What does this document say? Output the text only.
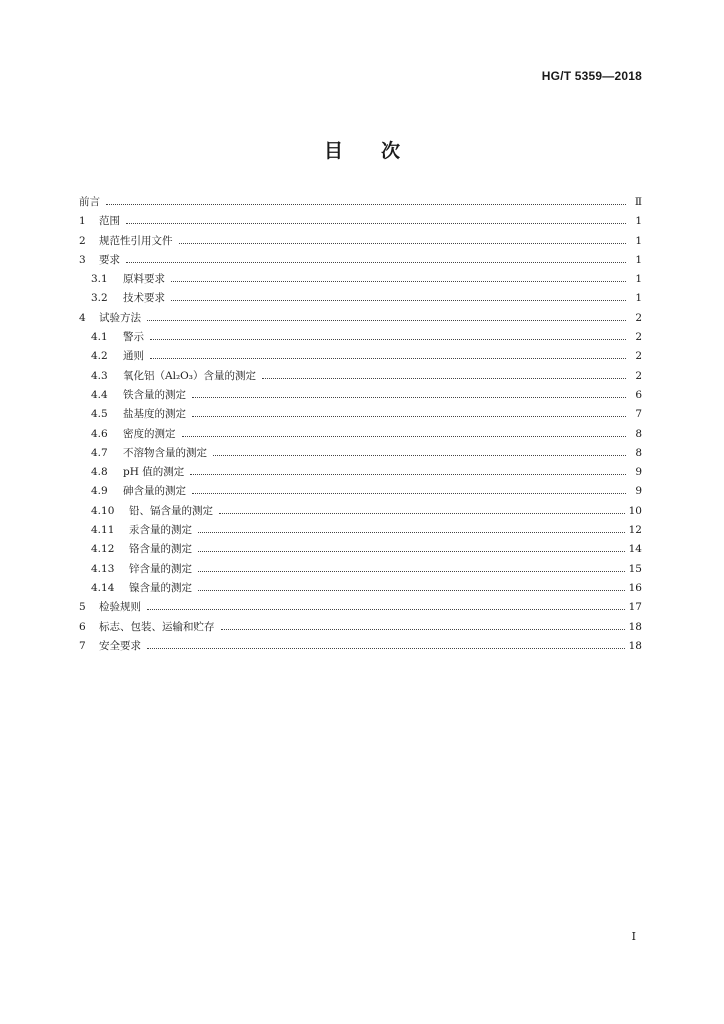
HG/T 5359—2018
目 次
前言	Ⅱ
1	范围	1
2	规范性引用文件	1
3	要求	1
3.1	原料要求	1
3.2	技术要求	1
4	试验方法	2
4.1	警示	2
4.2	通则	2
4.3	氧化铝（Al₂O₃）含量的测定	2
4.4	铁含量的测定	6
4.5	盐基度的测定	7
4.6	密度的测定	8
4.7	不溶物含量的测定	8
4.8	pH 值的测定	9
4.9	砷含量的测定	9
4.10	铅、镉含量的测定	10
4.11	汞含量的测定	12
4.12	铬含量的测定	14
4.13	锌含量的测定	15
4.14	镍含量的测定	16
5	检验规则	17
6	标志、包装、运输和贮存	18
7	安全要求	18
Ⅰ
